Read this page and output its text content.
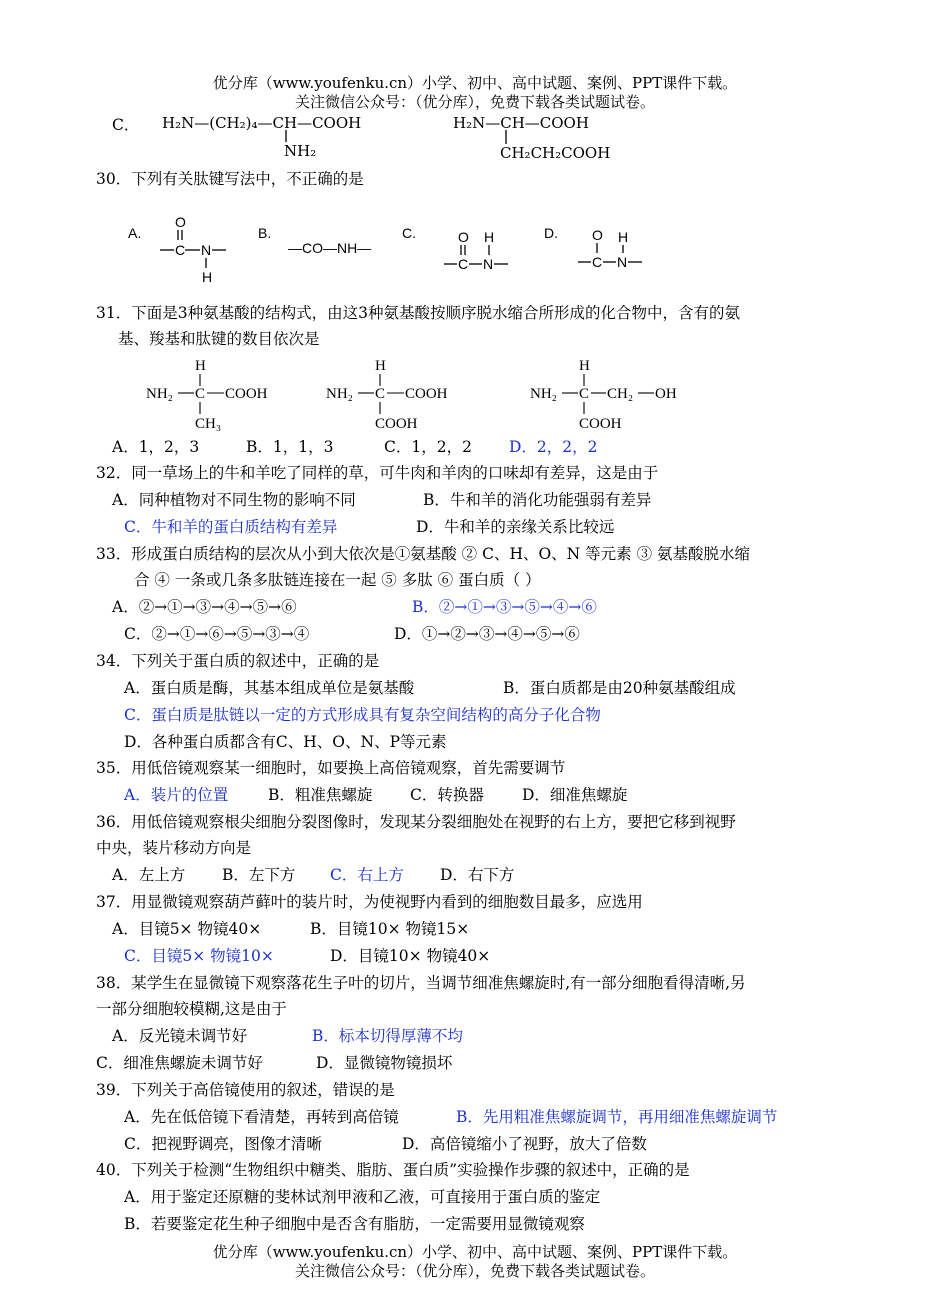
优分库（www.youfenku.cn）小学、初中、高中试题、案例、PPT课件下载。
关注微信公众号：（优分库），免费下载各类试题试卷。
C． H₂N—(CH₂)₄—CH—COOH
NH₂
H₂N—CH—COOH
CH₂CH₂COOH
30．下列有关肽键写法中，不正确的是
A.
O
C N
H
B.
—CO—NH—
C.	O H
C N
D. O H
C N
31．下面是3种氨基酸的结构式，由这3种氨基酸按顺序脱水缩合所形成的化合物中，含有的氨
基、羧基和肽键的数目依次是
H
NH₂ C COOH
CH₃
H
NH₂ C COOH
COOH
H
NH₂ C CH₂ OH
COOH
A．1，2，3	B．1，1，3	C．1，2，2 D．2，2，2
32．同一草场上的牛和羊吃了同样的草，可牛肉和羊肉的口味却有差异，这是由于
A．同种植物对不同生物的影响不同	B．牛和羊的消化功能强弱有差异
C．牛和羊的蛋白质结构有差异	D．牛和羊的亲缘关系比较远
33．形成蛋白质结构的层次从小到大依次是①氨基酸 ② C、H、O、N 等元素 ③ 氨基酸脱水缩
合 ④ 一条或几条多肽链连接在一起 ⑤ 多肽 ⑥ 蛋白质（ ）
A．②→①→③→④→⑤→⑥	B．②→①→③→⑤→④→⑥
C．②→①→⑥→⑤→③→④	D．①→②→③→④→⑤→⑥
34．下列关于蛋白质的叙述中，正确的是
A．蛋白质是酶，其基本组成单位是氨基酸	B．蛋白质都是由20种氨基酸组成
C．蛋白质是肽链以一定的方式形成具有复杂空间结构的高分子化合物
D．各种蛋白质都含有C、H、O、N、P等元素
35．用低倍镜观察某一细胞时，如要换上高倍镜观察，首先需要调节
A．装片的位置	B．粗准焦螺旋 C．转换器 D．细准焦螺旋
36．用低倍镜观察根尖细胞分裂图像时，发现某分裂细胞处在视野的右上方，要把它移到视野
中央，装片移动方向是
A．左上方 B．左下方 C．右上方 D．右下方
37．用显微镜观察葫芦藓叶的装片时，为使视野内看到的细胞数目最多，应选用
A．目镜5× 物镜40×	B．目镜10× 物镜15×
C．目镜5× 物镜10×	D．目镜10× 物镜40×
38．某学生在显微镜下观察落花生子叶的切片，当调节细准焦螺旋时,有一部分细胞看得清晰,另
一部分细胞较模糊,这是由于
A．反光镜未调节好	B．标本切得厚薄不均
C．细准焦螺旋未调节好	D．显微镜物镜损坏
39．下列关于高倍镜使用的叙述，错误的是
A．先在低倍镜下看清楚，再转到高倍镜	B．先用粗准焦螺旋调节，再用细准焦螺旋调节
C．把视野调亮，图像才清晰	D．高倍镜缩小了视野，放大了倍数
40．下列关于检测“生物组织中糖类、脂肪、蛋白质”实验操作步骤的叙述中，正确的是
A．用于鉴定还原糖的斐林试剂甲液和乙液，可直接用于蛋白质的鉴定
B．若要鉴定花生种子细胞中是否含有脂肪，一定需要用显微镜观察
优分库（www.youfenku.cn）小学、初中、高中试题、案例、PPT课件下载。
关注微信公众号：（优分库），免费下载各类试题试卷。
